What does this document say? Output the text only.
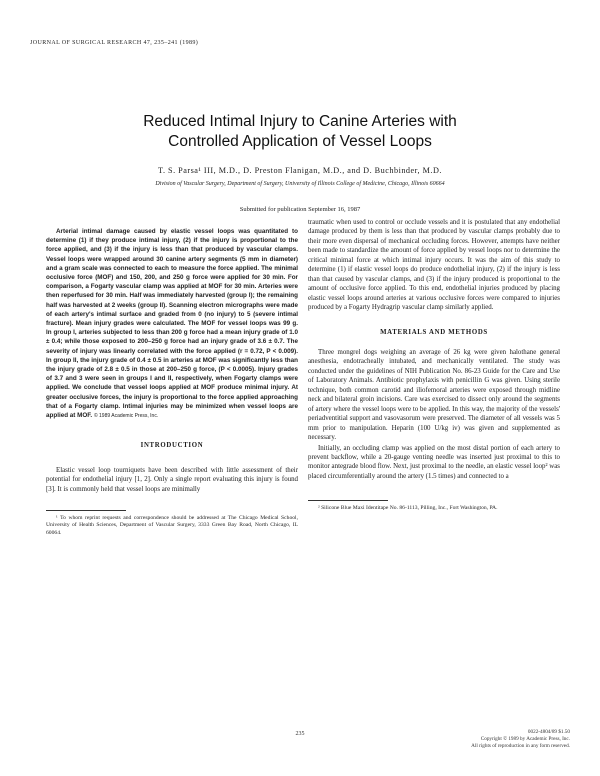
JOURNAL OF SURGICAL RESEARCH 47, 235–241 (1989)
Reduced Intimal Injury to Canine Arteries with
Controlled Application of Vessel Loops
T. S. Parsa¹ III, M.D., D. Preston Flanigan, M.D., and D. Buchbinder, M.D.
Division of Vascular Surgery, Department of Surgery, University of Illinois College of Medicine, Chicago, Illinois 60664
Submitted for publication September 16, 1987

Arterial intimal damage caused by elastic vessel loops was quantitated to determine (1) if they produce intimal injury, (2) if the injury is proportional to the force applied, and (3) if the injury is less than that produced by vascular clamps. Vessel loops were wrapped around 30 canine artery segments (5 mm in diameter) and a gram scale was connected to each to measure the force applied. The minimal occlusive force (MOF) and 150, 200, and 250 g force were applied for 30 min. For comparison, a Fogarty vascular clamp was applied at MOF for 30 min. Arteries were then reperfused for 30 min. Half was immediately harvested (group I); the remaining half was harvested at 2 weeks (group II). Scanning electron micrographs were made of each artery's intimal surface and graded from 0 (no injury) to 5 (severe intimal fracture). Mean injury grades were calculated. The MOF for vessel loops was 99 g. In group I, arteries subjected to less than 200 g force had a mean injury grade of 1.0 ± 0.4; while those exposed to 200–250 g force had an injury grade of 3.6 ± 0.7. The severity of injury was linearly correlated with the force applied (r = 0.72, P < 0.009). In group II, the injury grade of 0.4 ± 0.5 in arteries at MOF was significantly less than the injury grade of 2.8 ± 0.5 in those at 200–250 g force, (P < 0.0005). Injury grades of 3.7 and 3 were seen in groups I and II, respectively, when Fogarty clamps were applied. We conclude that vessel loops applied at MOF produce minimal injury. At greater occlusive forces, the injury is proportional to the force applied approaching that of a Fogarty clamp. Intimal injuries may be minimized when vessel loops are applied at MOF. © 1989 Academic Press, Inc.

INTRODUCTION

Elastic vessel loop tourniquets have been described with little assessment of their potential for endothelial injury [1, 2]. Only a single report evaluating this injury is found [3]. It is commonly held that vessel loops are minimally

¹ To whom reprint requests and correspondence should be addressed at The Chicago Medical School, University of Health Sciences, Department of Vascular Surgery, 3333 Green Bay Road, North Chicago, IL 60064.

traumatic when used to control or occlude vessels and it is postulated that any endothelial damage produced by them is less than that produced by vascular clamps probably due to their more even dispersal of mechanical occluding forces. However, attempts have neither been made to standardize the amount of force applied by vessel loops nor to determine the critical minimal force at which intimal injury occurs. It was the aim of this study to determine (1) if elastic vessel loops do produce endothelial injury, (2) if the injury is less than that caused by vascular clamps, and (3) if the injury produced is proportional to the amount of occlusive force applied. To this end, endothelial injuries produced by placing elastic vessel loops around arteries at various occlusive forces were compared to injuries produced by a Fogarty Hydragrip vascular clamp similarly applied.

MATERIALS AND METHODS

Three mongrel dogs weighing an average of 26 kg were given halothane general anesthesia, endotracheally intubated, and mechanically ventilated. The study was conducted under the guidelines of NIH Publication No. 86-23 Guide for the Care and Use of Laboratory Animals. Antibiotic prophylaxis with penicillin G was given. Using sterile technique, both common carotid and iliofemoral arteries were exposed through midline neck and bilateral groin incisions. Care was exercised to dissect only around the segments of artery where the vessel loops were to be applied. In this way, the majority of the vessels' periadventitial support and vasovasorum were preserved. The diameter of all vessels was 5 mm prior to manipulation. Heparin (100 U/kg iv) was given and supplemented as necessary.

Initially, an occluding clamp was applied on the most distal portion of each artery to prevent backflow, while a 20-gauge venting needle was inserted just proximal to this to monitor antegrade blood flow. Next, just proximal to the needle, an elastic vessel loop² was placed circumferentially around the artery (1.5 times) and connected to a

² Silicone Blue Maxi Identitape No. 86-1113, Pilling, Inc., Fort Washington, PA.

235	0022-4804/89 $1.50
Copyright © 1989 by Academic Press, Inc.
All rights of reproduction in any form reserved.
